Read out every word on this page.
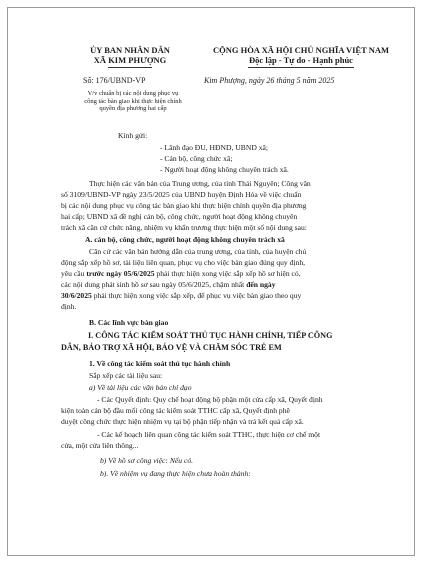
ỦY BAN NHÂN DÂN

XÃ KIM PHƯỢNG

CỘNG HÒA XÃ HỘI CHỦ NGHĨA VIỆT NAM

Độc lập - Tự do - Hạnh phúc

Số: 176/UBND-VP	Kim Phượng, ngày 26 tháng 5 năm 2025

V/v chuẩn bị các nội dung phục vụ

công tác bàn giao khi thực hiện chính

quyền địa phương hai cấp

Kính gửi:

- Lãnh đạo ĐU, HĐND, UBND xã;

- Cán bộ, công chức xã;

- Người hoạt động không chuyên trách xã.

Thực hiện các văn bản của Trung ương, của tỉnh Thái Nguyên; Công văn

số 3109/UBND-VP ngày 23/5/2025 của UBND huyện Định Hóa về việc chuẩn

bị các nội dung phục vụ công tác bàn giao khi thực hiện chính quyền địa phương

hai cấp; UBND xã đề nghị cán bộ, công chức, người hoạt động không chuyên

trách xã căn cứ chức năng, nhiệm vụ khẩn trương thực hiện một số nội dung sau:

A. cán bộ, công chức, người hoạt động không chuyên trách xã

Căn cứ các văn bản hướng dẫn của trung ương, của tỉnh, của huyện chủ

động sắp xếp hồ sơ, tài liệu liên quan, phục vụ cho việc bàn giao đúng quy định,

yêu cầu trước ngày 05/6/2025 phải thực hiện xong việc sắp xếp hồ sơ hiện có,

các nội dung phát sinh hồ sơ sau ngày 05/6/2025, chậm nhất đến ngày

30/6/2025 phải thực hiện xong việc sắp xếp, để phục vụ việc bàn giao theo quy

định.

B. Các lĩnh vực bàn giao

I. CÔNG TÁC KIỂM SOÁT THỦ TỤC HÀNH CHÍNH, TIẾP CÔNG

DÂN, BẢO TRỢ XÃ HỘI, BẢO VỆ VÀ CHĂM SÓC TRẺ EM

1. Về công tác kiểm soát thủ tục hành chính

Sắp xếp các tài liệu sau:

a) Về tài liệu các văn bản chỉ đạo

- Các Quyết định: Quy chế hoạt động bộ phận một cửa cấp xã, Quyết định

kiện toàn cán bộ đầu mối công tác kiểm soát TTHC cấp xã, Quyết định phê

duyệt công chức thực hiện nhiệm vụ tại bộ phận tiếp nhận và trả kết quả cấp xã.

- Các kế hoạch liên quan công tác kiểm soát TTHC, thực hiện cơ chế một

cửa, một cửa liên thông...

b) Về hồ sơ công việc: Nếu có.

b). Về nhiệm vụ đang thực hiện chưa hoàn thành:
